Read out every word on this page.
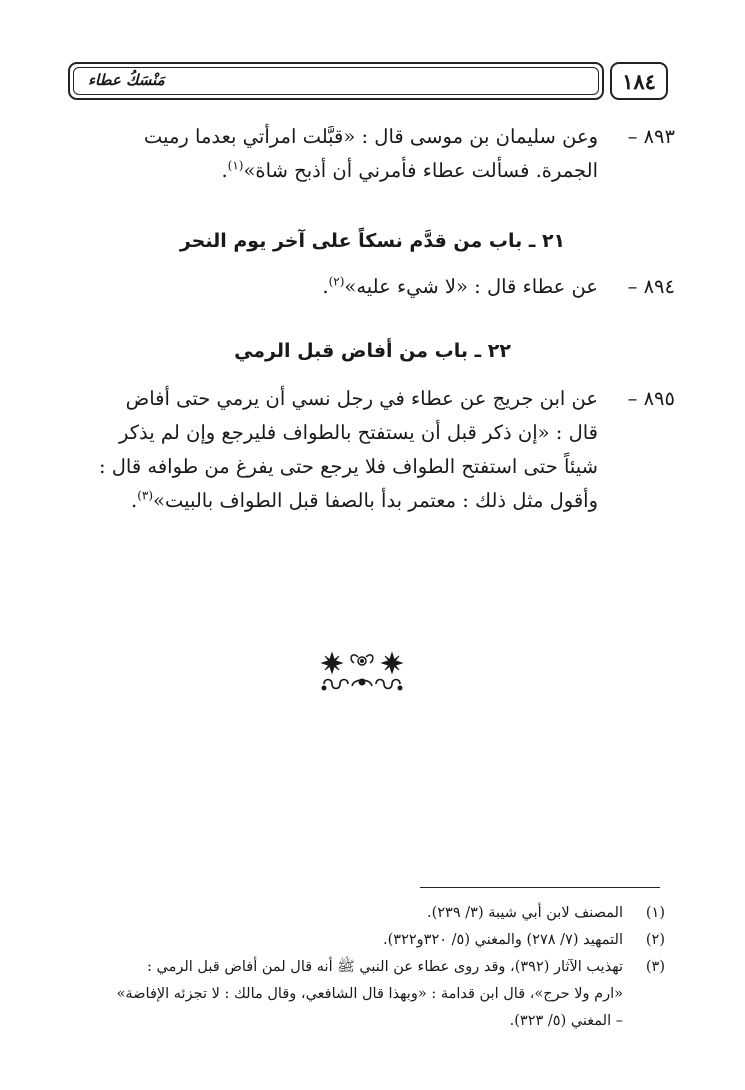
١٨٤
مَنْسَكُ عطاء
٨٩٣ –
وعن سليمان بن موسى قال : «قبَّلت امرأتي بعدما رميت
الجمرة. فسألت عطاء فأمرني أن أذبح شاة»$^{(١)}$.
٢١ ـ باب من قدَّم نسكاً على آخر يوم النحر
٨٩٤ –
عن عطاء قال : «لا شيء عليه»$^{(٢)}$.
٢٢ ـ باب من أفاض قبل الرمي
٨٩٥ –
عن ابن جريج عن عطاء في رجل نسي أن يرمي حتى أفاض
قال : «إن ذكر قبل أن يستفتح بالطواف فليرجع وإن لم يذكر
شيئاً حتى استفتح الطواف فلا يرجع حتى يفرغ من طوافه قال :
وأقول مثل ذلك : معتمر بدأ بالصفا قبل الطواف بالبيت»$^{(٣)}$.
(١)
المصنف لابن أبي شيبة (٣/ ٢٣٩).
(٢)
التمهيد (٧/ ٢٧٨) والمغني (٥/ ٣٢٠و٣٢٢).
(٣)
تهذيب الآثار (٣٩٢)، وقد روى عطاء عن النبي ﷺ أنه قال لمن أفاض قبل الرمي :
«ارم ولا حرج»، قال ابن قدامة : «وبهذا قال الشافعي، وقال مالك : لا تجزئه الإفاضة»
– المغني (٥/ ٣٢٣).
